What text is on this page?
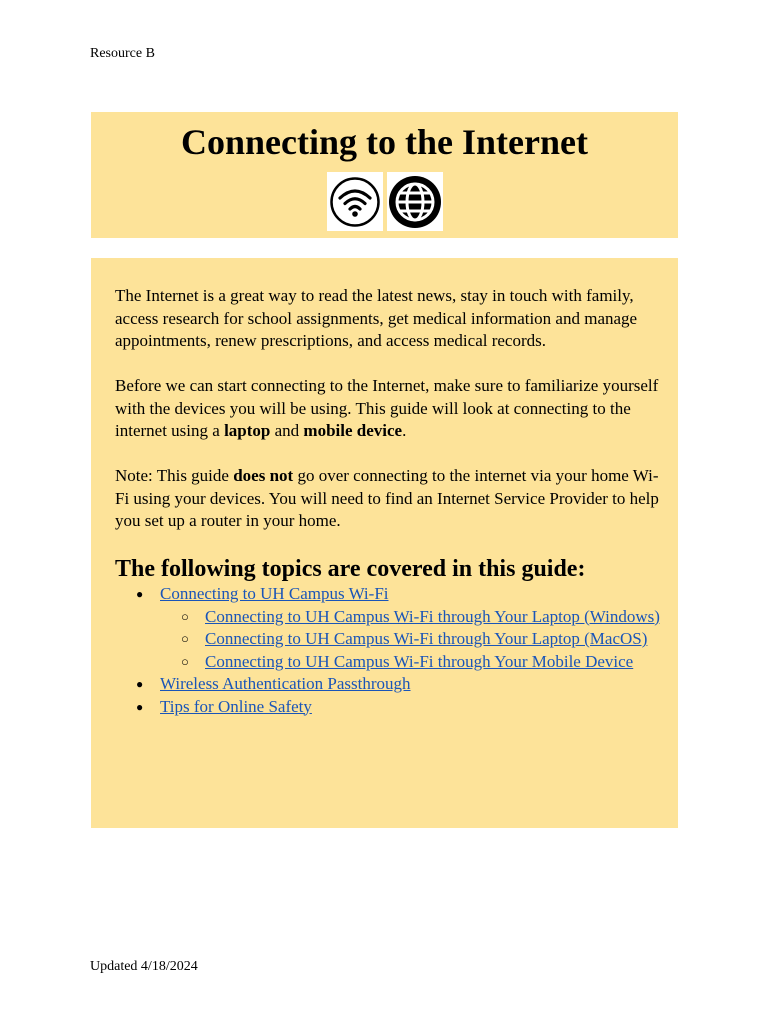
Resource B
Connecting to the Internet

The Internet is a great way to read the latest news, stay in touch with family, access research for school assignments, get medical information and manage appointments, renew prescriptions, and access medical records.

Before we can start connecting to the Internet, make sure to familiarize yourself with the devices you will be using. This guide will look at connecting to the internet using a laptop and mobile device.

Note: This guide does not go over connecting to the internet via your home Wi-Fi using your devices. You will need to find an Internet Service Provider to help you set up a router in your home.

The following topics are covered in this guide:
● Connecting to UH Campus Wi-Fi
○ Connecting to UH Campus Wi-Fi through Your Laptop (Windows)
○ Connecting to UH Campus Wi-Fi through Your Laptop (MacOS)
○ Connecting to UH Campus Wi-Fi through Your Mobile Device
● Wireless Authentication Passthrough
● Tips for Online Safety
Updated 4/18/2024
